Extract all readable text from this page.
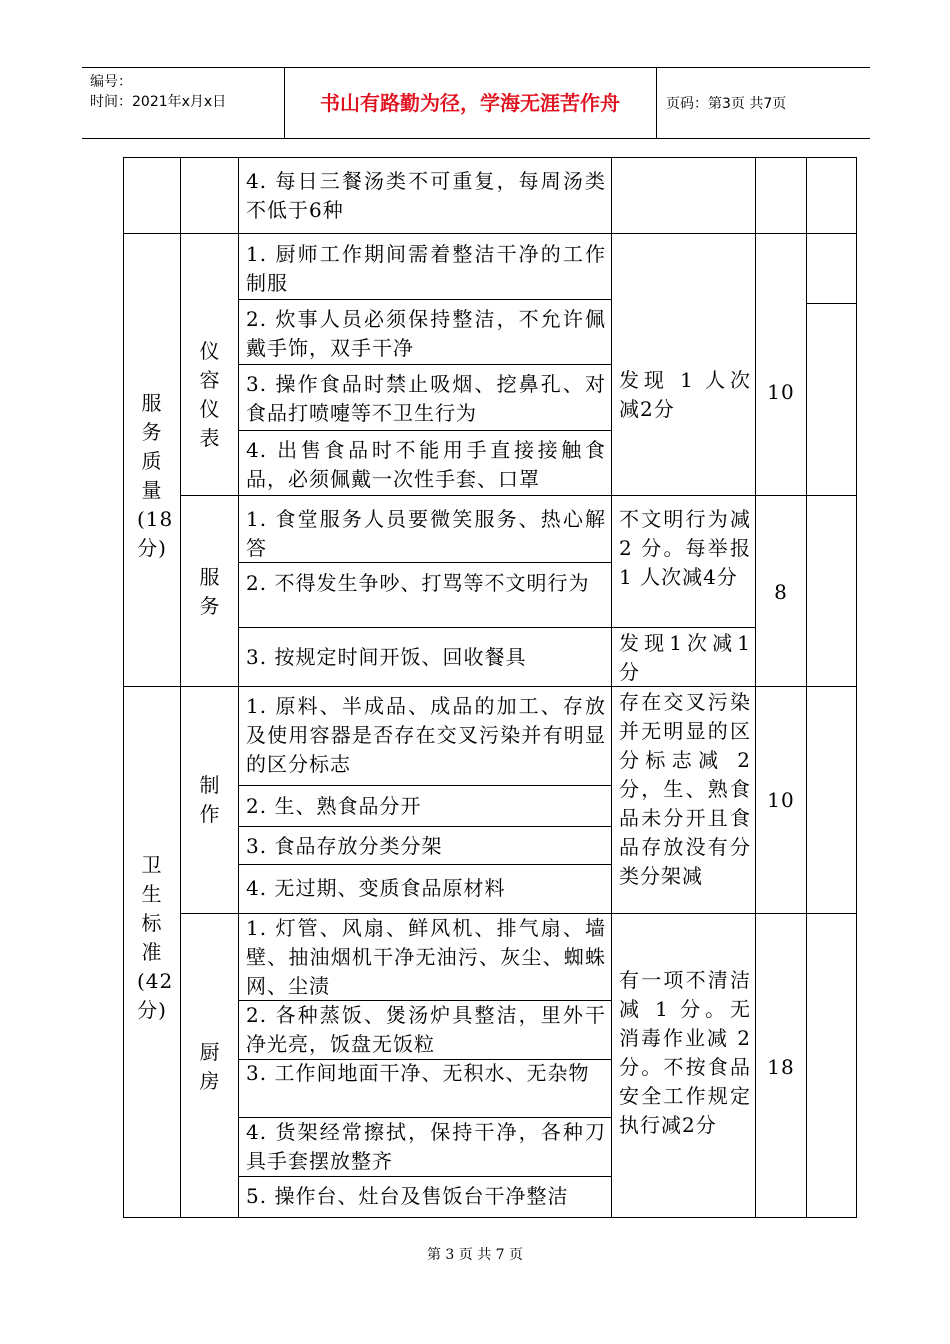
编号：
时间：2021年x月x日	书山有路勤为径，学海无涯苦作舟	页码：第3页 共7页
4. 每日三餐汤类不可重复，每周汤类不低于6种
服务质量(18分)
仪容仪表
1. 厨师工作期间需着整洁干净的工作制服
2. 炊事人员必须保持整洁，不允许佩戴手饰，双手干净
3. 操作食品时禁止吸烟、挖鼻孔、对食品打喷嚏等不卫生行为
4. 出售食品时不能用手直接接触食品，必须佩戴一次性手套、口罩
发现 1 人次减2分
10
服务
1. 食堂服务人员要微笑服务、热心解答
2. 不得发生争吵、打骂等不文明行为
3. 按规定时间开饭、回收餐具
不文明行为减 2 分。每举报 1 人次减4分
发现1次减1分
8
卫生标准(42分)
制作
1. 原料、半成品、成品的加工、存放及使用容器是否存在交叉污染并有明显的区分标志
2. 生、熟食品分开
3. 食品存放分类分架
4. 无过期、变质食品原材料
存在交叉污染并无明显的区分标志减 2 分，生、熟食品未分开且食品存放没有分类分架减
10
厨房
1. 灯管、风扇、鲜风机、排气扇、墙壁、抽油烟机干净无油污、灰尘、蜘蛛网、尘渍
2. 各种蒸饭、煲汤炉具整洁，里外干净光亮，饭盘无饭粒
3. 工作间地面干净、无积水、无杂物
4. 货架经常擦拭，保持干净，各种刀具手套摆放整齐
5. 操作台、灶台及售饭台干净整洁
有一项不清洁减 1 分。无消毒作业减 2 分。不按食品安全工作规定执行减2分
18
第 3 页 共 7 页
